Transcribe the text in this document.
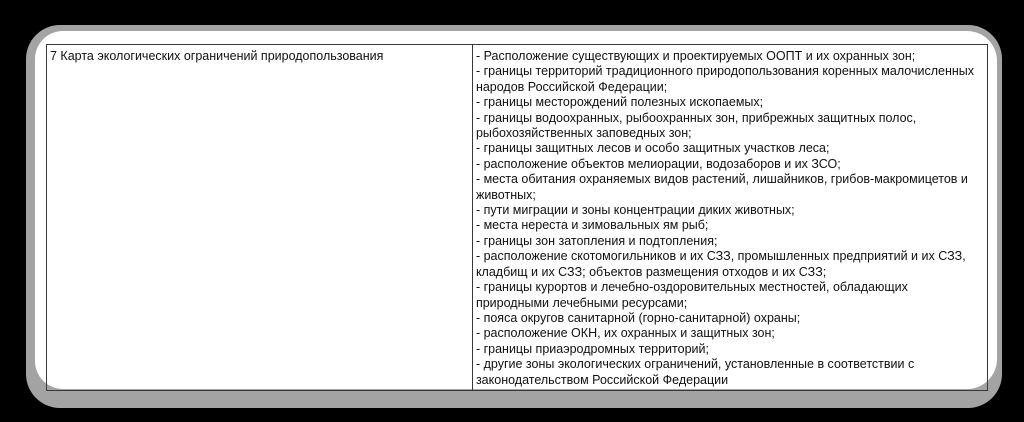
7 Карта экологических ограничений природопользования	- Расположение существующих и проектируемых ООПТ и их охранных зон;
- границы территорий традиционного природопользования коренных малочисленных народов Российской Федерации;
- границы месторождений полезных ископаемых;
- границы водоохранных, рыбоохранных зон, прибрежных защитных полос, рыбохозяйственных заповедных зон;
- границы защитных лесов и особо защитных участков леса;
- расположение объектов мелиорации, водозаборов и их ЗСО;
- места обитания охраняемых видов растений, лишайников, грибов-макромицетов и животных;
- пути миграции и зоны концентрации диких животных;
- места нереста и зимовальных ям рыб;
- границы зон затопления и подтопления;
- расположение скотомогильников и их СЗЗ, промышленных предприятий и их СЗЗ, кладбищ и их СЗЗ; объектов размещения отходов и их СЗЗ;
- границы курортов и лечебно-оздоровительных местностей, обладающих природными лечебными ресурсами;
- пояса округов санитарной (горно-санитарной) охраны;
- расположение ОКН, их охранных и защитных зон;
- границы приаэродромных территорий;
- другие зоны экологических ограничений, установленные в соответствии с законодательством Российской Федерации
